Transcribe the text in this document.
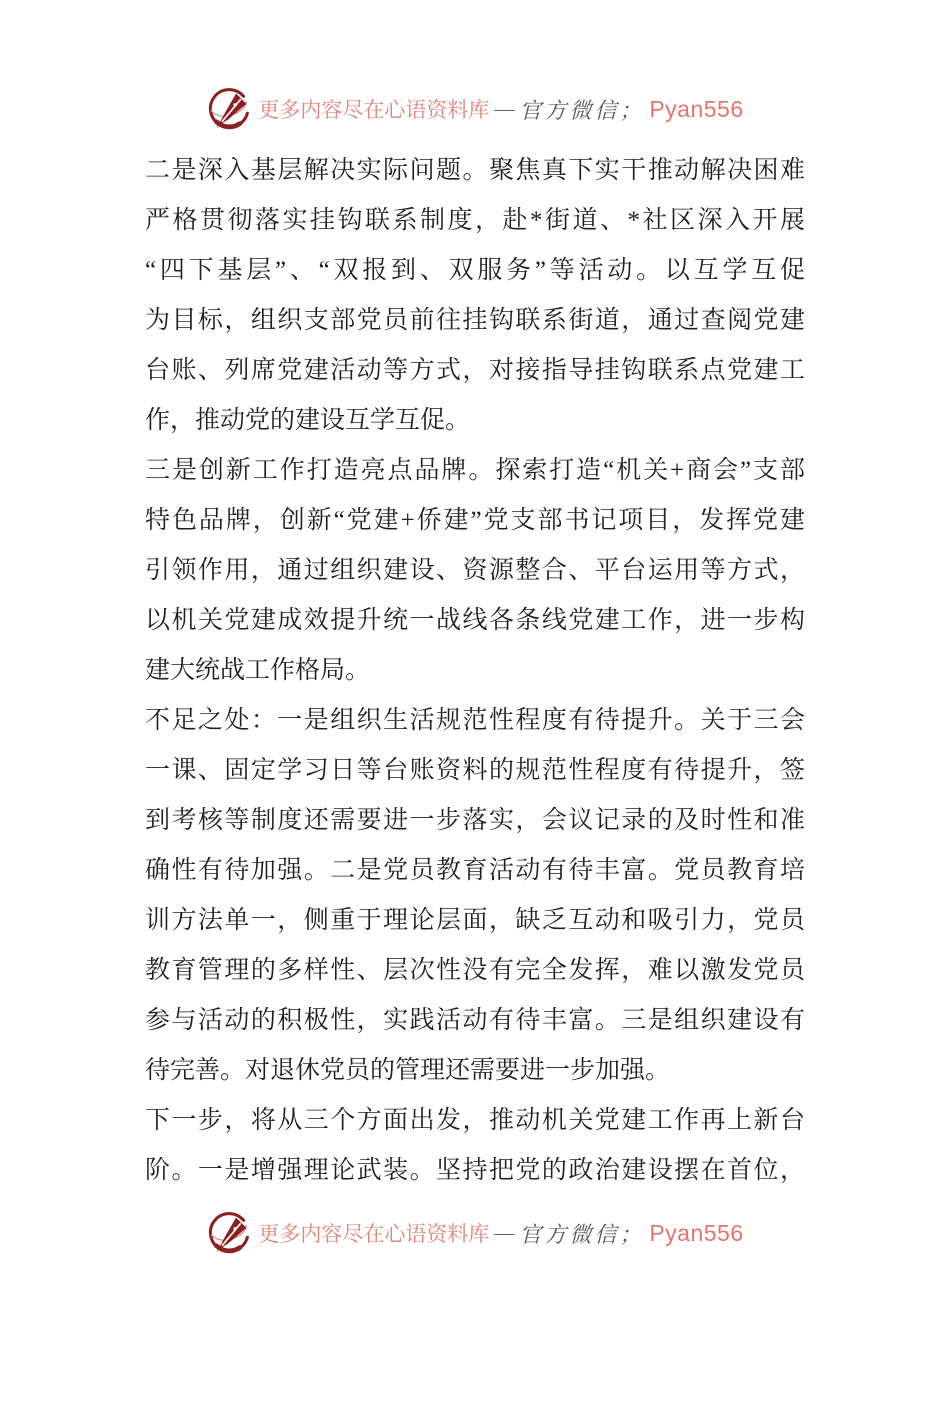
更多内容尽在心语资料库 — 官方微信； Pyan556
二是深入基层解决实际问题。聚焦真下实干推动解决困难
严格贯彻落实挂钩联系制度，赴*街道、*社区深入开展
“四下基层”、“双报到、双服务”等活动。以互学互促
为目标，组织支部党员前往挂钩联系街道，通过查阅党建
台账、列席党建活动等方式，对接指导挂钩联系点党建工
作，推动党的建设互学互促。
三是创新工作打造亮点品牌。探索打造“机关+商会”支部
特色品牌，创新“党建+侨建”党支部书记项目，发挥党建
引领作用，通过组织建设、资源整合、平台运用等方式，
以机关党建成效提升统一战线各条线党建工作，进一步构
建大统战工作格局。
不足之处：一是组织生活规范性程度有待提升。关于三会
一课、固定学习日等台账资料的规范性程度有待提升，签
到考核等制度还需要进一步落实，会议记录的及时性和准
确性有待加强。二是党员教育活动有待丰富。党员教育培
训方法单一，侧重于理论层面，缺乏互动和吸引力，党员
教育管理的多样性、层次性没有完全发挥，难以激发党员
参与活动的积极性，实践活动有待丰富。三是组织建设有
待完善。对退休党员的管理还需要进一步加强。
下一步，将从三个方面出发，推动机关党建工作再上新台
阶。一是增强理论武装。坚持把党的政治建设摆在首位，
更多内容尽在心语资料库 — 官方微信； Pyan556
